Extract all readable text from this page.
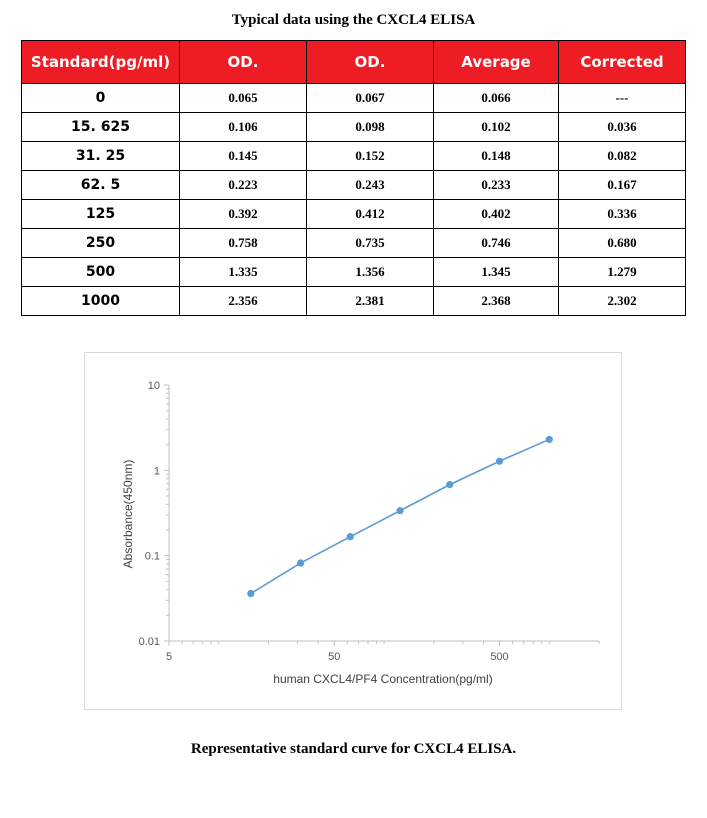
Typical data using the CXCL4 ELISA
Standard(pg/ml)	OD.	OD.	Average	Corrected
0	0.065	0.067	0.066	---
15. 625	0.106	0.098	0.102	0.036
31. 25	0.145	0.152	0.148	0.082
62. 5	0.223	0.243	0.233	0.167
125	0.392	0.412	0.402	0.336
250	0.758	0.735	0.746	0.680
500	1.335	1.356	1.345	1.279
1000	2.356	2.381	2.368	2.302
0.01
0.1
1
10
5	50	500
human CXCL4/PF4 Concentration(pg/ml)
Absorbance(450nm)
Representative standard curve for CXCL4 ELISA.
